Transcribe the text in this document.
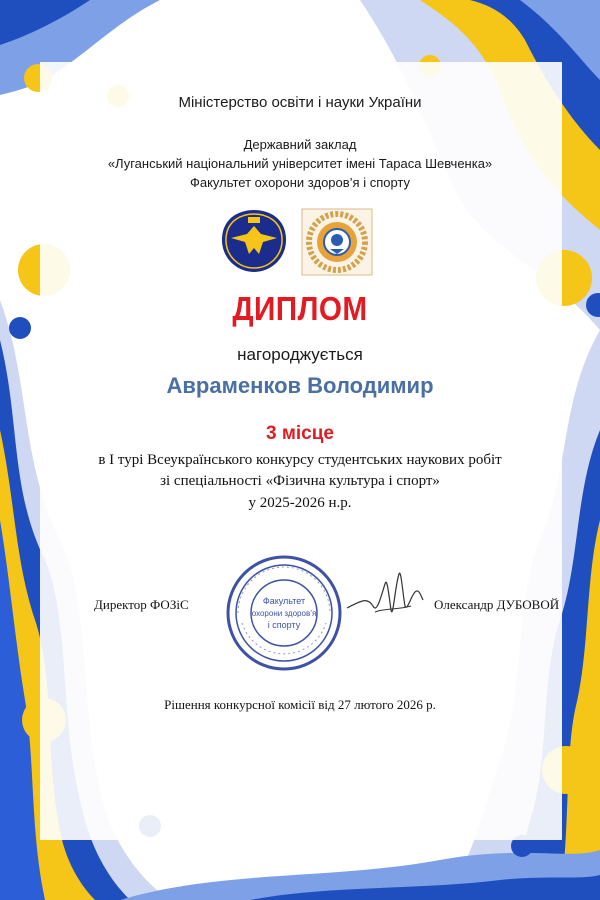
Міністерство освіти і науки України

Державний заклад

«Луганський національний університет імені Тараса Шевченка»

Факультет охорони здоров’я і спорту

ДИПЛОМ

нагороджується

Авраменков Володимир

3 місце

в I турі Всеукраїнського конкурсу студентських наукових робіт

зі спеціальності «Фізична культура і спорт»

у 2025-2026 н.р.

Факультет
охорони здоров’я
і спорту

Директор ФОЗіС	Олександр ДУБОВОЙ

Рішення конкурсної комісії від 27 лютого 2026 р.
